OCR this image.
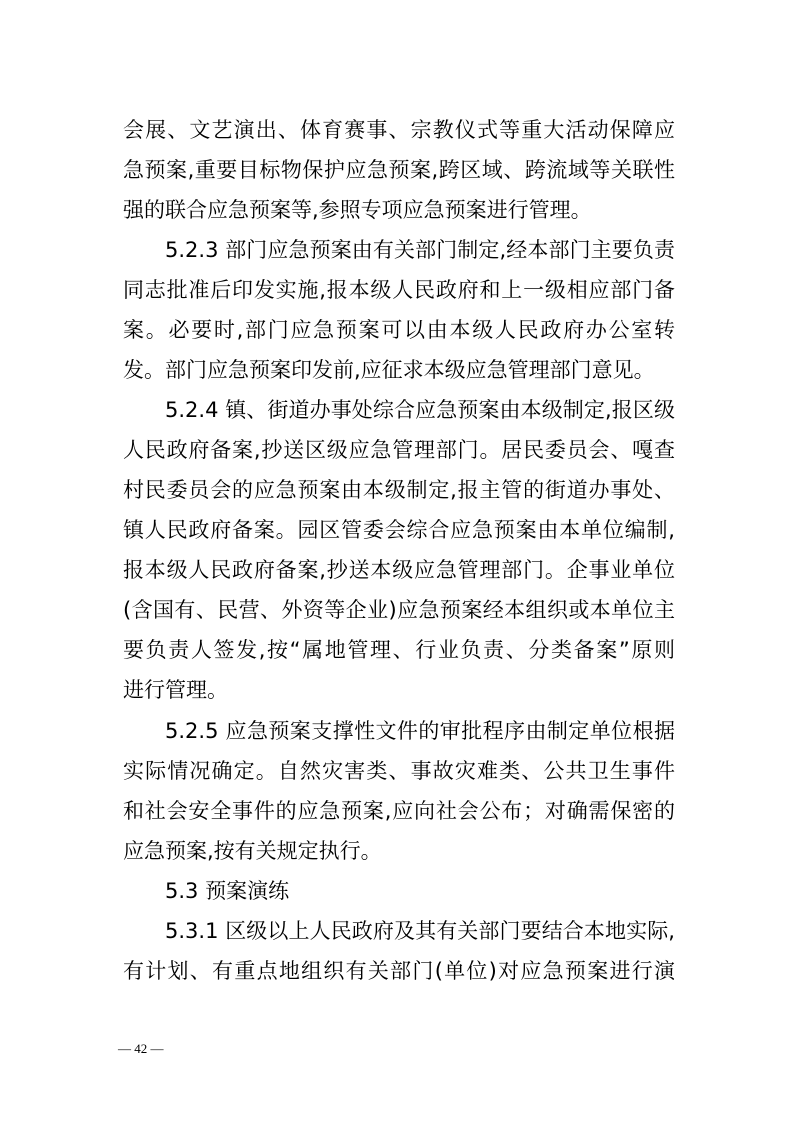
会展、文艺演出、体育赛事、宗教仪式等重大活动保障应
急预案,重要目标物保护应急预案,跨区域、跨流域等关联性
强的联合应急预案等,参照专项应急预案进行管理。
5.2.3 部门应急预案由有关部门制定,经本部门主要负责
同志批准后印发实施,报本级人民政府和上一级相应部门备
案。必要时,部门应急预案可以由本级人民政府办公室转
发。部门应急预案印发前,应征求本级应急管理部门意见。
5.2.4 镇、街道办事处综合应急预案由本级制定,报区级
人民政府备案,抄送区级应急管理部门。居民委员会、嘎查
村民委员会的应急预案由本级制定,报主管的街道办事处、
镇人民政府备案。园区管委会综合应急预案由本单位编制,
报本级人民政府备案,抄送本级应急管理部门。企事业单位
(含国有、民营、外资等企业)应急预案经本组织或本单位主
要负责人签发,按“属地管理、行业负责、分类备案”原则
进行管理。
5.2.5 应急预案支撑性文件的审批程序由制定单位根据
实际情况确定。自然灾害类、事故灾难类、公共卫生事件
和社会安全事件的应急预案,应向社会公布；对确需保密的
应急预案,按有关规定执行。
5.3 预案演练
5.3.1 区级以上人民政府及其有关部门要结合本地实际,
有计划、有重点地组织有关部门(单位)对应急预案进行演
— 42 —
